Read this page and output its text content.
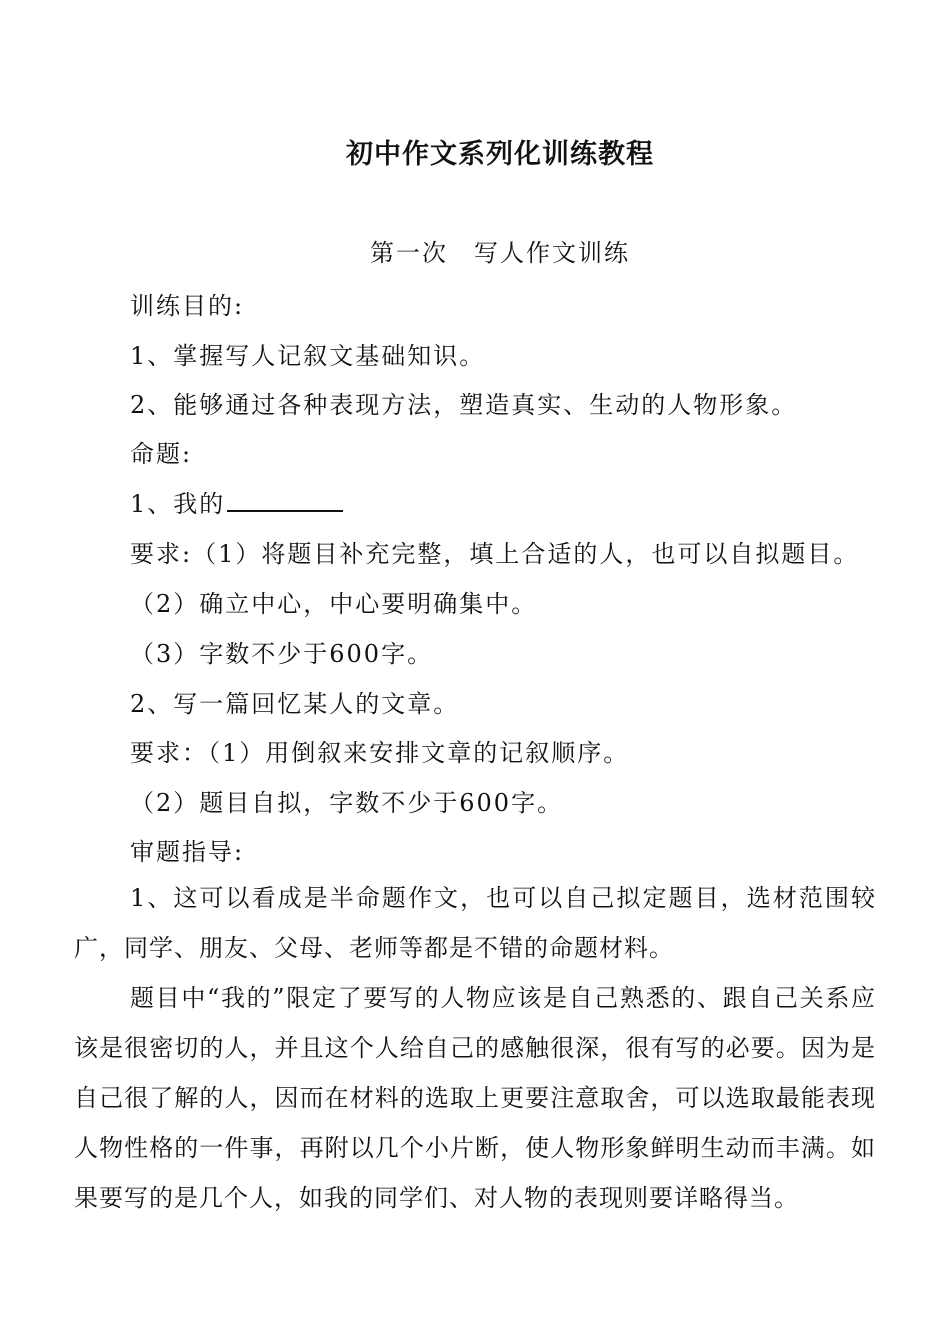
初中作文系列化训练教程
第一次　写人作文训练
训练目的:
1、掌握写人记叙文基础知识。
2、能够通过各种表现方法，塑造真实、生动的人物形象。
命题:
1、我的
要求:（1）将题目补充完整，填上合适的人，也可以自拟题目。
（2）确立中心，中心要明确集中。
（3）字数不少于600字。
2、写一篇回忆某人的文章。
要求：（1）用倒叙来安排文章的记叙顺序。
（2）题目自拟，字数不少于600字。
审题指导:
1、这可以看成是半命题作文，也可以自己拟定题目，选材范围较广，同学、朋友、父母、老师等都是不错的命题材料。
题目中“我的”限定了要写的人物应该是自己熟悉的、跟自己关系应该是很密切的人，并且这个人给自己的感触很深，很有写的必要。因为是自己很了解的人，因而在材料的选取上更要注意取舍，可以选取最能表现人物性格的一件事，再附以几个小片断，使人物形象鲜明生动而丰满。如果要写的是几个人，如我的同学们、对人物的表现则要详略得当。
